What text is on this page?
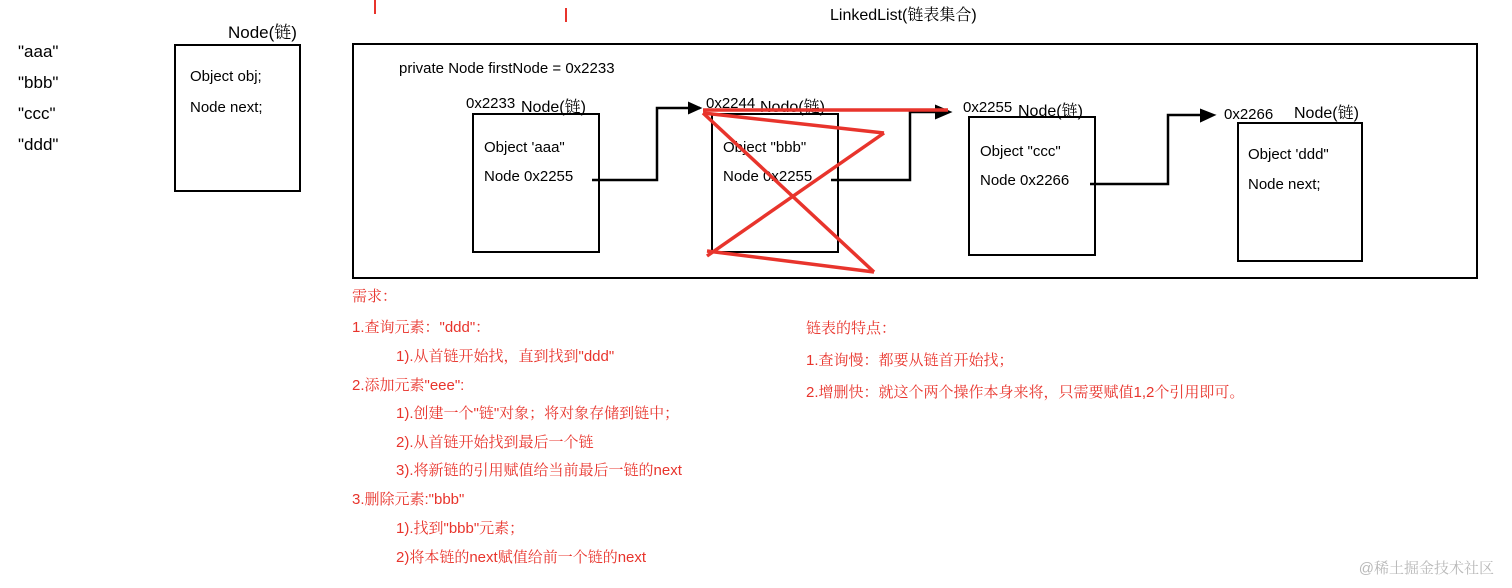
"aaa"
"bbb"
"ccc"
"ddd"
Node(链)
Object obj;
Node next;
LinkedList(链表集合)
private Node firstNode = 0x2233
0x2233 Node(链)
Object 'aaa"
Node 0x2255
0x2244 Nodo(链)
Object "bbb"
Node 0x2255
0x2255 Node(链)
Object "ccc"
Node 0x2266
0x2266 Node(链)
Object 'ddd"
Node next;
需求：
1.查询元素："ddd"：
1).从首链开始找，直到找到"ddd"
2.添加元素"eee":
1).创建一个"链"对象；将对象存储到链中；
2).从首链开始找到最后一个链
3).将新链的引用赋值给当前最后一链的next
3.删除元素:"bbb"
1).找到"bbb"元素；
2)将本链的next赋值给前一个链的next
链表的特点：
1.查询慢：都要从链首开始找；
2.增删快：就这个两个操作本身来将，只需要赋值1,2个引用即可。
@稀土掘金技术社区
